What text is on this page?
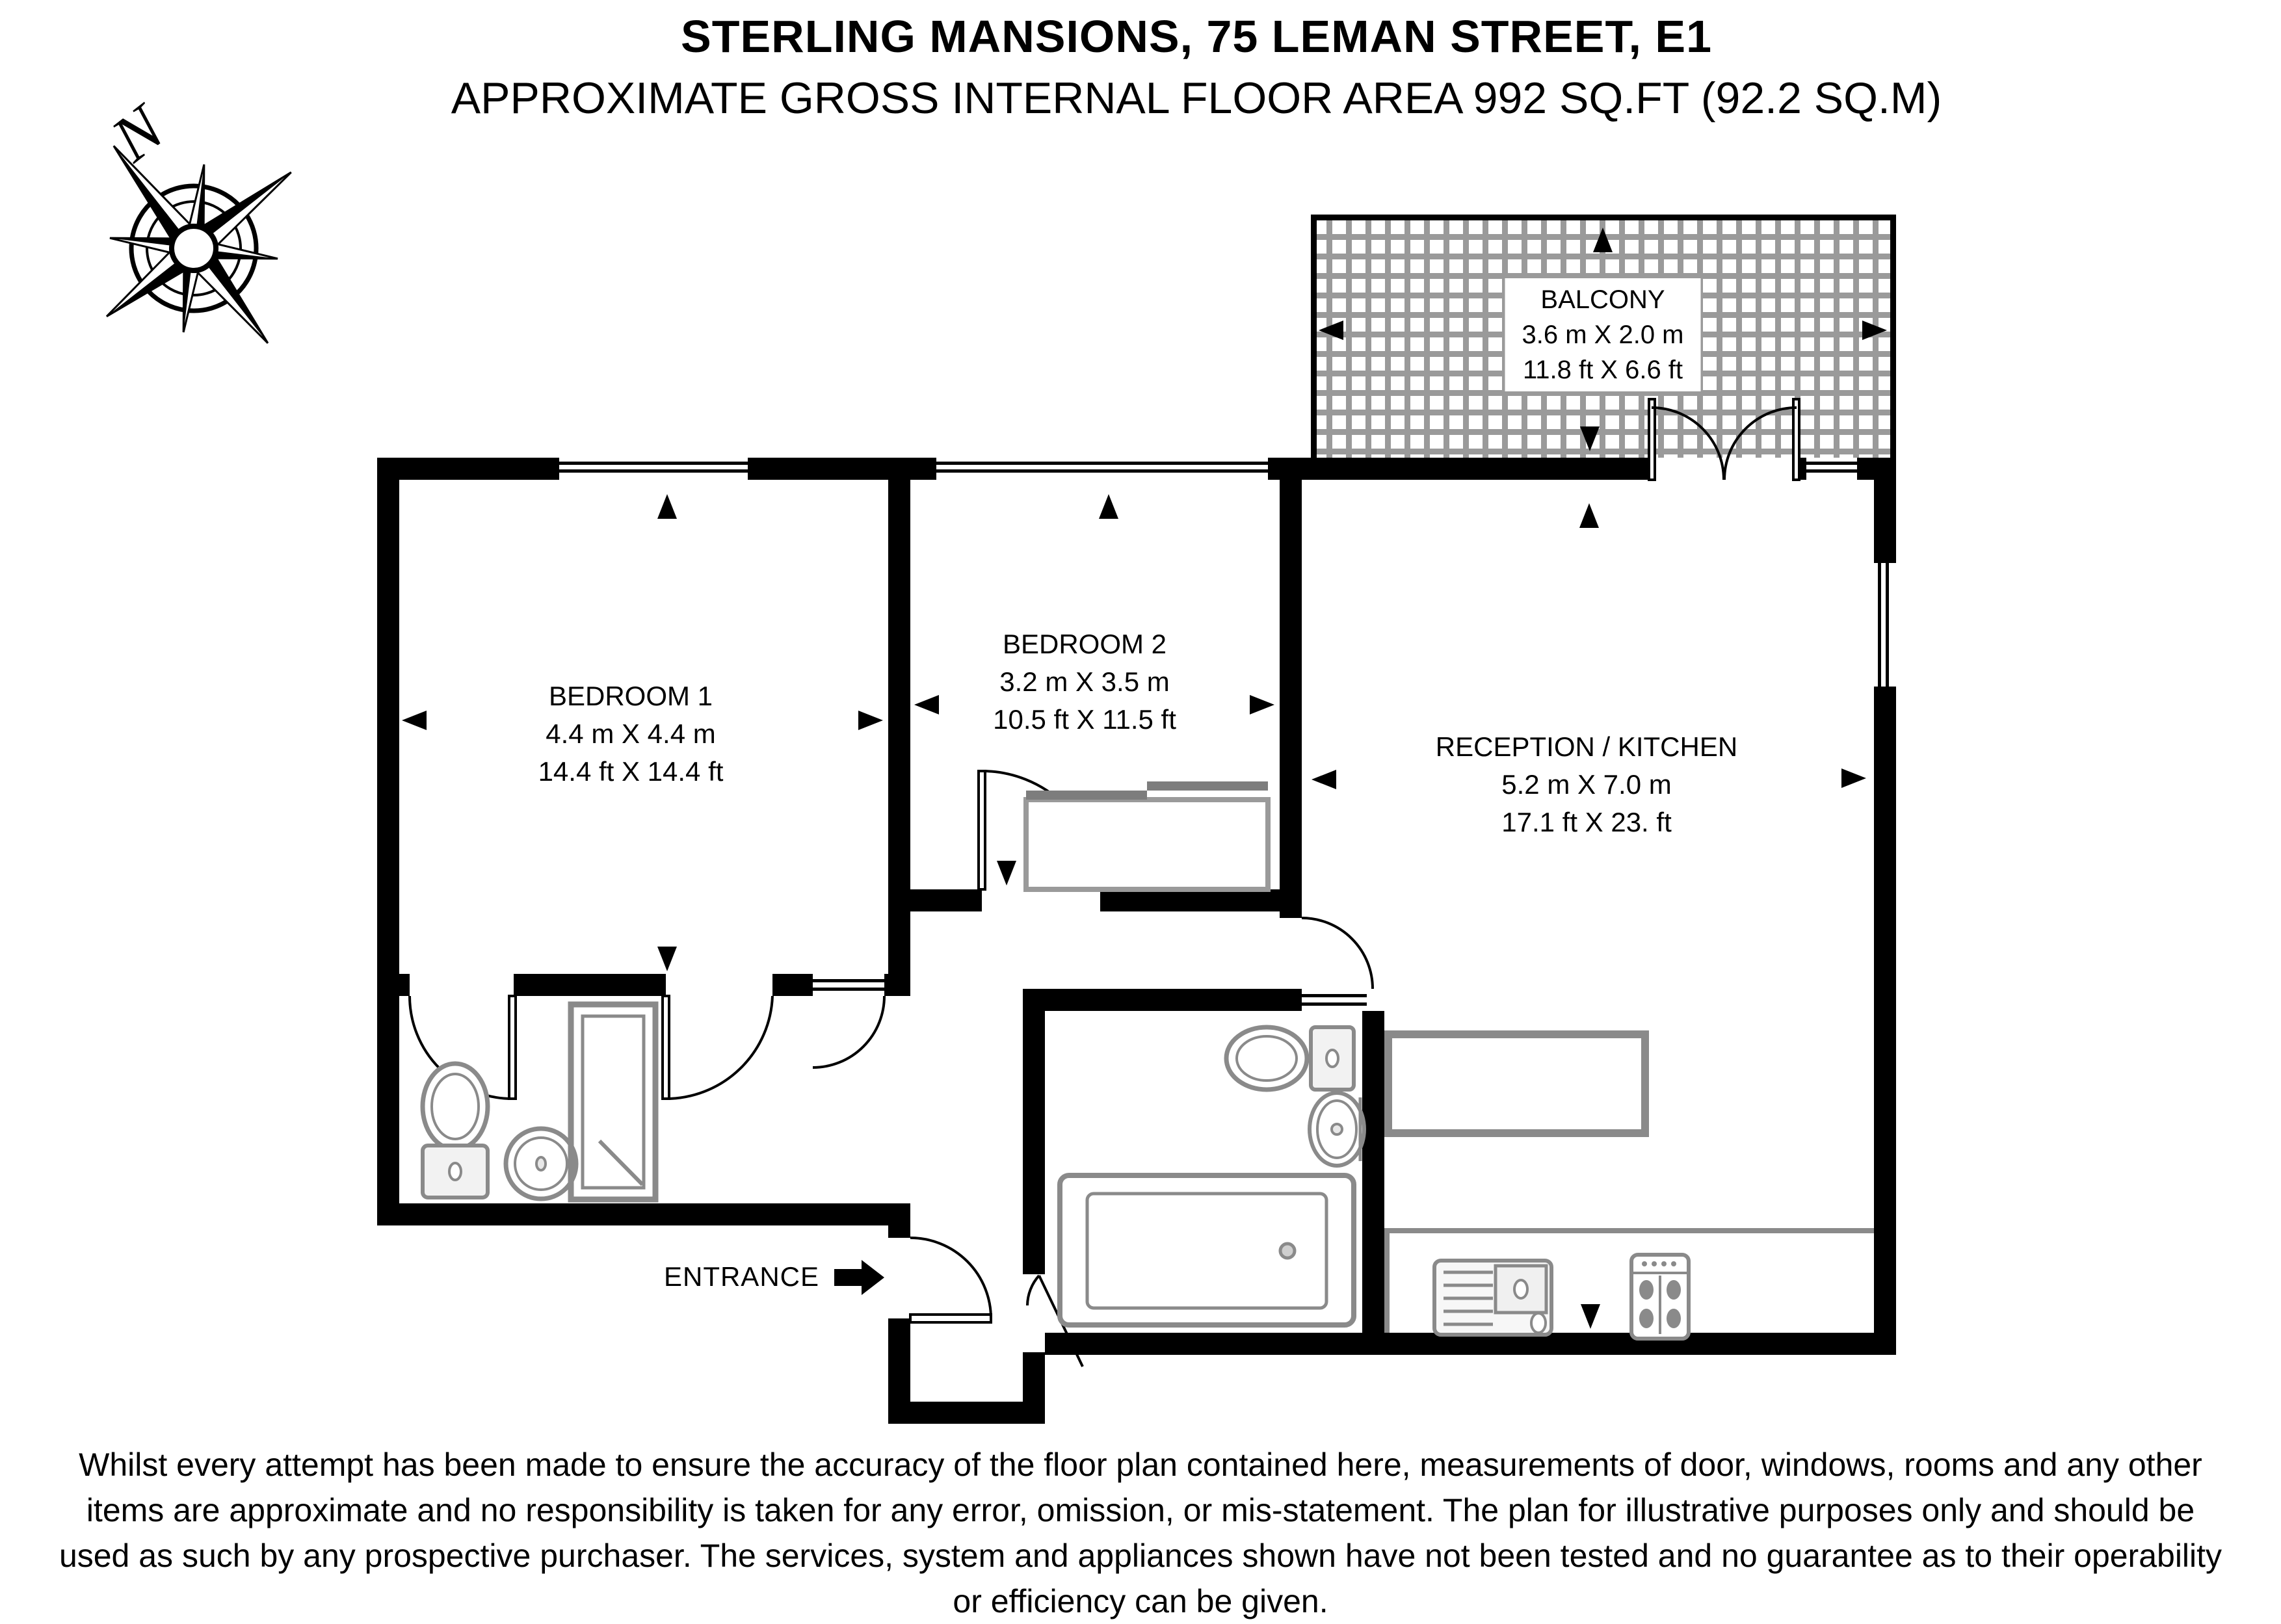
N
STERLING MANSIONS, 75 LEMAN STREET, E1
APPROXIMATE GROSS INTERNAL FLOOR AREA 992 SQ.FT (92.2 SQ.M)
BEDROOM 1
4.4 m X 4.4 m
14.4 ft X 14.4 ft
BEDROOM 2
3.2 m X 3.5 m
10.5 ft X 11.5 ft
RECEPTION / KITCHEN
5.2 m X 7.0 m
17.1 ft X 23. ft
BALCONY
3.6 m X 2.0 m
11.8 ft X 6.6 ft
ENTRANCE
Whilst every attempt has been made to ensure the accuracy of the floor plan contained here, measurements of door, windows, rooms and any other items are approximate and no responsibility is taken for any error, omission, or mis-statement. The plan for illustrative purposes only and should be used as such by any prospective purchaser. The services, system and appliances shown have not been tested and no guarantee as to their operability or efficiency can be given.
